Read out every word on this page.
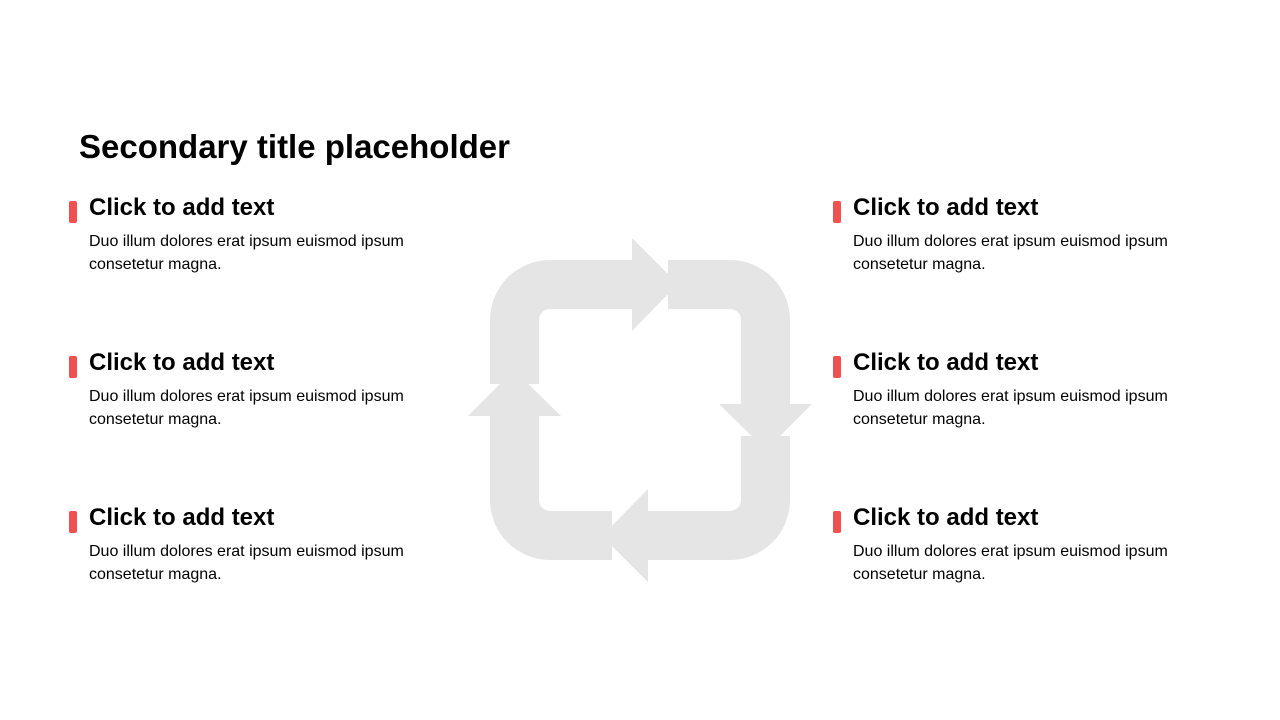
Secondary title placeholder
Click to add text
Duo illum dolores erat ipsum euismod ipsum consetetur magna.
Click to add text
Duo illum dolores erat ipsum euismod ipsum consetetur magna.
Click to add text
Duo illum dolores erat ipsum euismod ipsum consetetur magna.
Click to add text
Duo illum dolores erat ipsum euismod ipsum consetetur magna.
Click to add text
Duo illum dolores erat ipsum euismod ipsum consetetur magna.
Click to add text
Duo illum dolores erat ipsum euismod ipsum consetetur magna.
